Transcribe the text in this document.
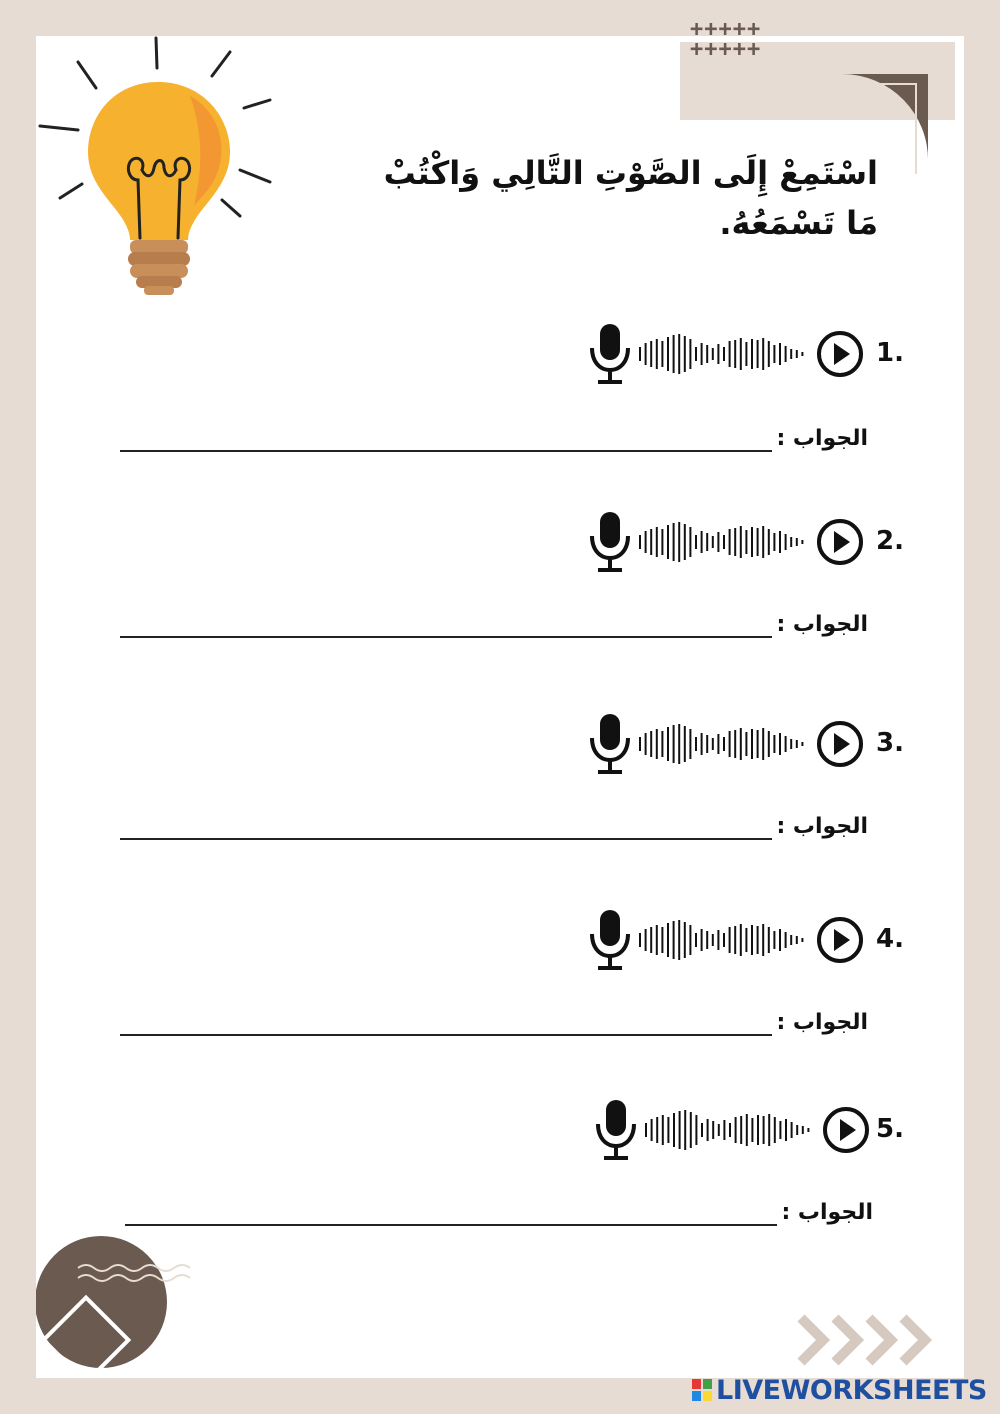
+++++
+++++
اسْتَمِعْ إِلَى الصَّوْتِ التَّالِي وَاكْتُبْ مَا تَسْمَعُهُ.
1.
الجواب :
2.
الجواب :
3.
الجواب :
4.
الجواب :
5.
الجواب :
LIVEWORKSHEETS
